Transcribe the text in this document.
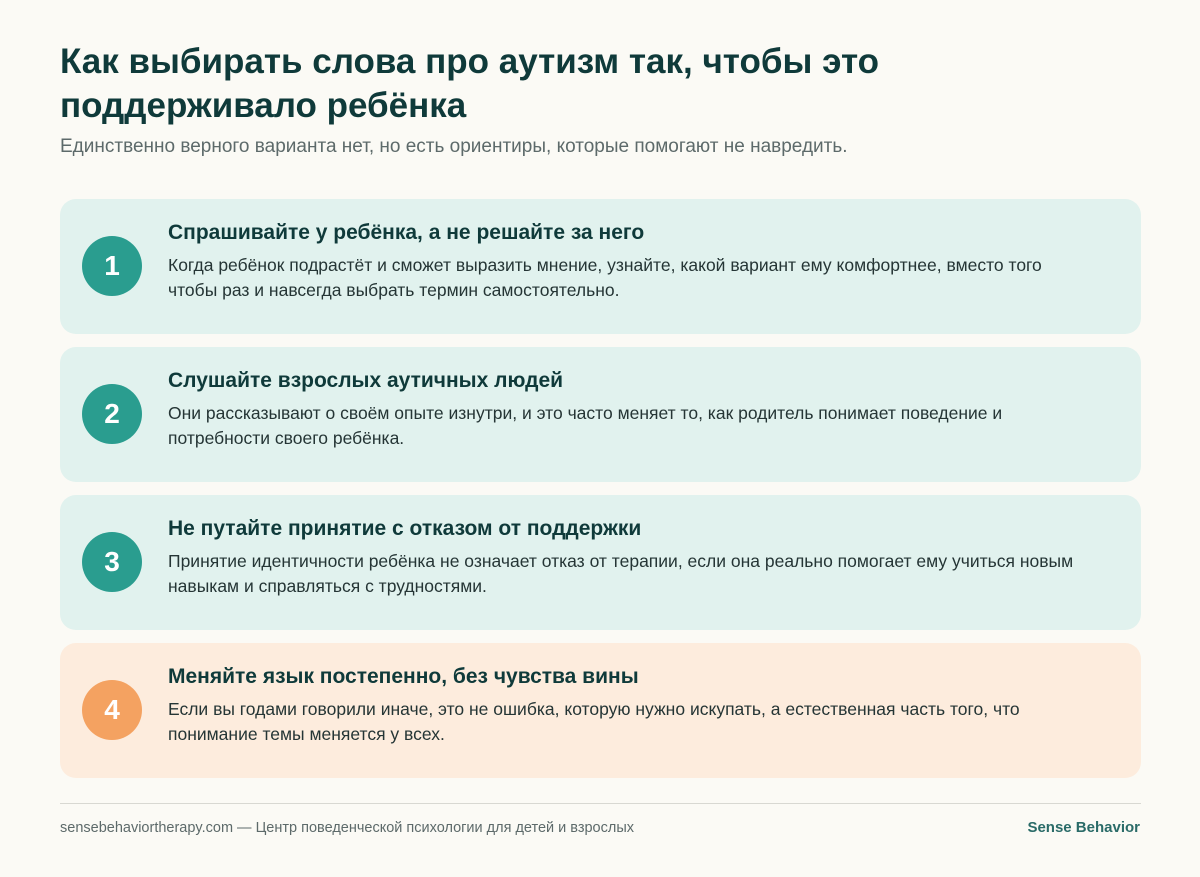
Как выбирать слова про аутизм так, чтобы это поддерживало ребёнка

Единственно верного варианта нет, но есть ориентиры, которые помогают не навредить.

1
Спрашивайте у ребёнка, а не решайте за него

Когда ребёнок подрастёт и сможет выразить мнение, узнайте, какой вариант ему комфортнее, вместо того чтобы раз и навсегда выбрать термин самостоятельно.

2
Слушайте взрослых аутичных людей

Они рассказывают о своём опыте изнутри, и это часто меняет то, как родитель понимает поведение и потребности своего ребёнка.

3
Не путайте принятие с отказом от поддержки

Принятие идентичности ребёнка не означает отказ от терапии, если она реально помогает ему учиться новым навыкам и справляться с трудностями.

4
Меняйте язык постепенно, без чувства вины

Если вы годами говорили иначе, это не ошибка, которую нужно искупать, а естественная часть того, что понимание темы меняется у всех.

sensebehaviortherapy.com — Центр поведенческой психологии для детей и взрослых	Sense Behavior
